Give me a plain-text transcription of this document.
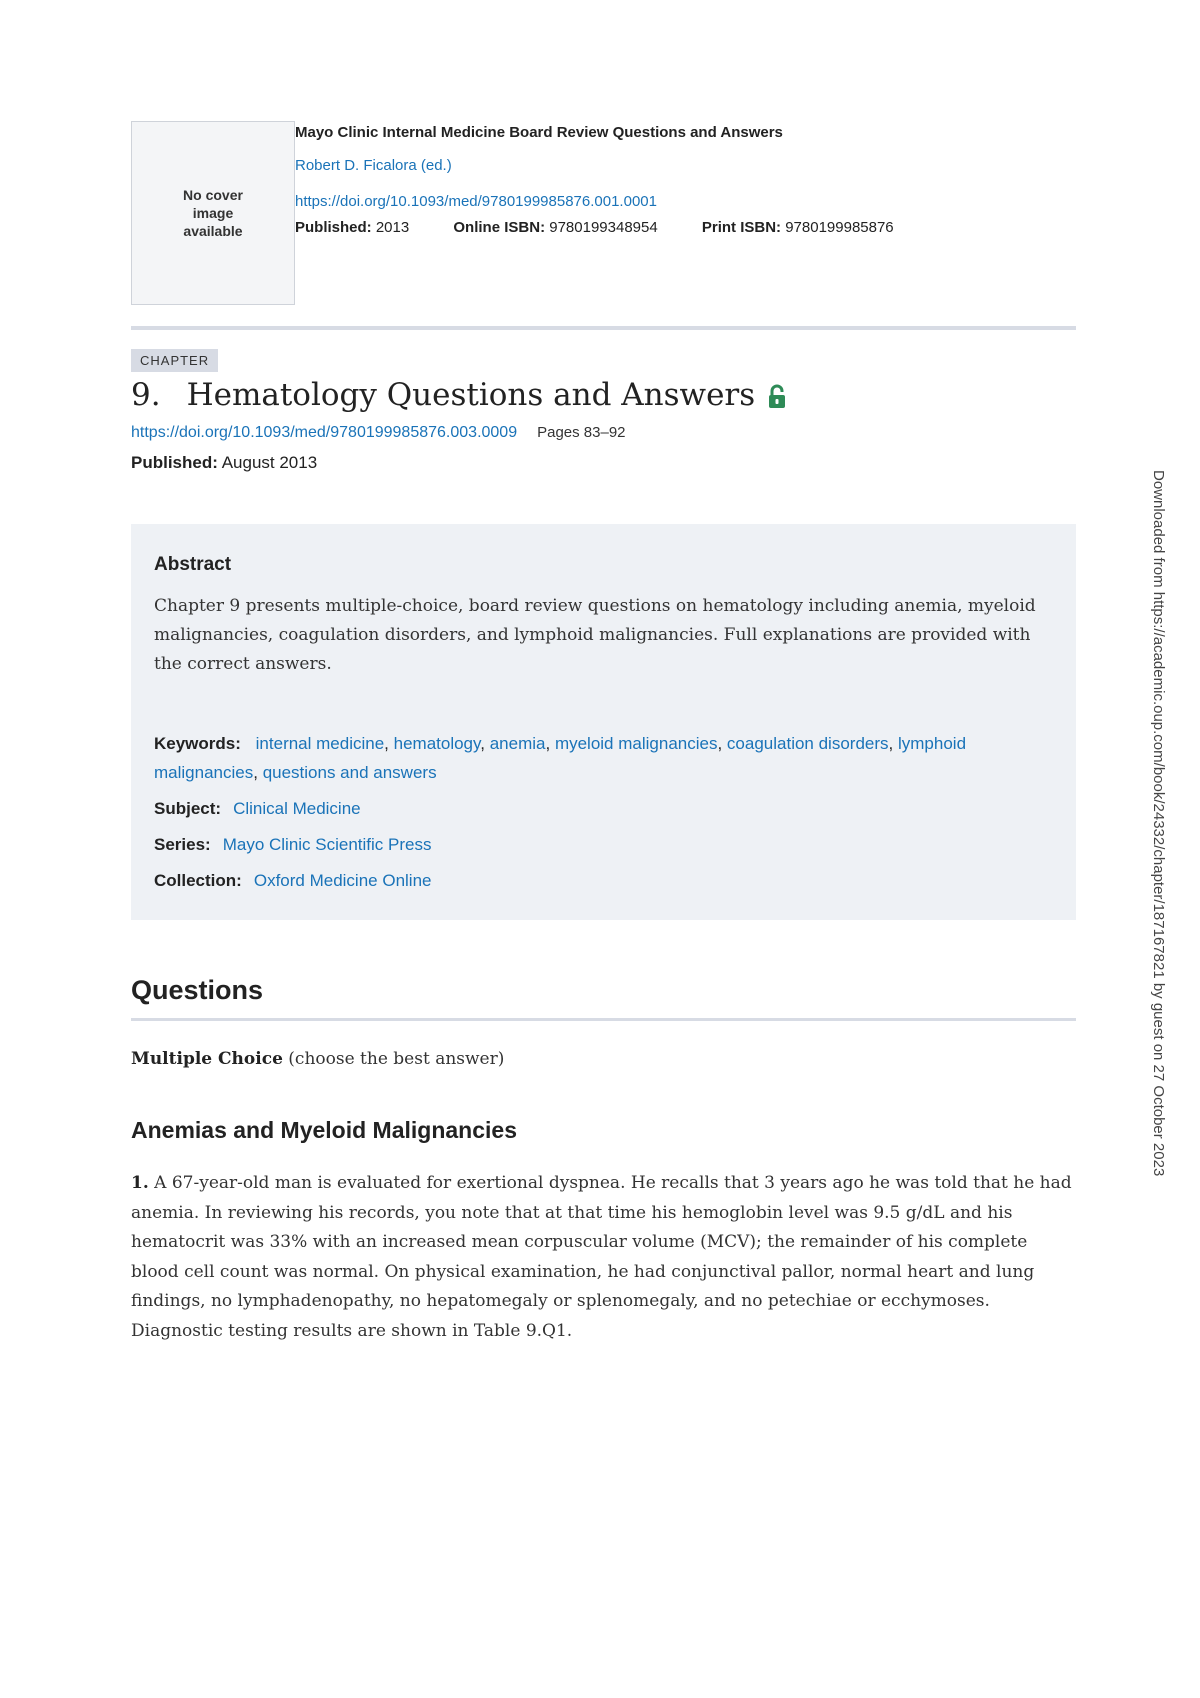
No cover image available
Mayo Clinic Internal Medicine Board Review Questions and Answers
Robert D. Ficalora (ed.)
https://doi.org/10.1093/med/9780199985876.001.0001
Published: 2013	Online ISBN: 9780199348954	Print ISBN: 9780199985876
CHAPTER
9. Hematology Questions and Answers
https://doi.org/10.1093/med/9780199985876.003.0009 Pages 83–92
Published: August 2013
Abstract
Chapter 9 presents multiple-choice, board review questions on hematology including anemia, myeloid malignancies, coagulation disorders, and lymphoid malignancies. Full explanations are provided with the correct answers.
Keywords: internal medicine, hematology, anemia, myeloid malignancies, coagulation disorders, lymphoid malignancies, questions and answers
Subject: Clinical Medicine
Series: Mayo Clinic Scientific Press
Collection: Oxford Medicine Online
Questions
Multiple Choice (choose the best answer)
Anemias and Myeloid Malignancies
1. A 67-year-old man is evaluated for exertional dyspnea. He recalls that 3 years ago he was told that he had anemia. In reviewing his records, you note that at that time his hemoglobin level was 9.5 g/dL and his hematocrit was 33% with an increased mean corpuscular volume (MCV); the remainder of his complete blood cell count was normal. On physical examination, he had conjunctival pallor, normal heart and lung findings, no lymphadenopathy, no hepatomegaly or splenomegaly, and no petechiae or ecchymoses. Diagnostic testing results are shown in Table 9.Q1.
Downloaded from https://academic.oup.com/book/24332/chapter/187167821 by guest on 27 October 2023
